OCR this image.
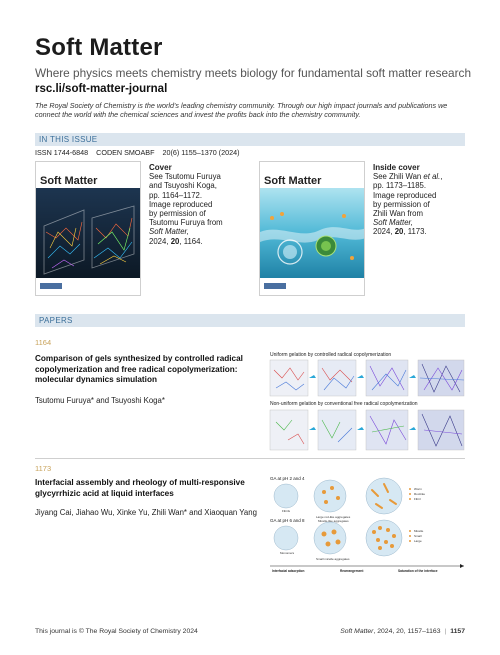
Soft Matter
Where physics meets chemistry meets biology for fundamental soft matter research
rsc.li/soft-matter-journal
The Royal Society of Chemistry is the world's leading chemistry community. Through our high impact journals and publications we connect the world with the chemical sciences and invest the profits back into the chemistry community.
IN THIS ISSUE
ISSN 1744-6848 CODEN SMOABF 20(6) 1155–1370 (2024)
Soft Matter
Cover
See Tsutomu Furuya
and Tsuyoshi Koga,
pp. 1164–1172.
Image reproduced
by permission of
Tsutomu Furuya from
Soft Matter,
2024, 20, 1164.
Soft Matter
Inside cover
See Zhili Wan et al.,
pp. 1173–1185.
Image reproduced
by permission of
Zhili Wan from
Soft Matter,
2024, 20, 1173.
PAPERS
1164
Comparison of gels synthesized by controlled radical copolymerization and free radical copolymerization: molecular dynamics simulation
Tsutomu Furuya* and Tsuyoshi Koga*
Uniform gelation by controlled radical copolymerization
Non-uniform gelation by conventional free radical copolymerization
1173
Interfacial assembly and rheology of multi-responsive glycyrrhizic acid at liquid interfaces
Jiyang Cai, Jiahao Wu, Xinke Yu, Zhili Wan* and Xiaoquan Yang
GA at pH 2 and 4
Fibrils
Large rod-like aggregates
Worm
Rod-like
Fibril
GA at pH 6 and 8
Monomers
Small micelle aggregates
Micelle-like aggregates
Micelle
Small
Large
Interfacial adsorption	Rearrangement	Saturation of the interface
This journal is © The Royal Society of Chemistry 2024	Soft Matter, 2024, 20, 1157–1163 | 1157
